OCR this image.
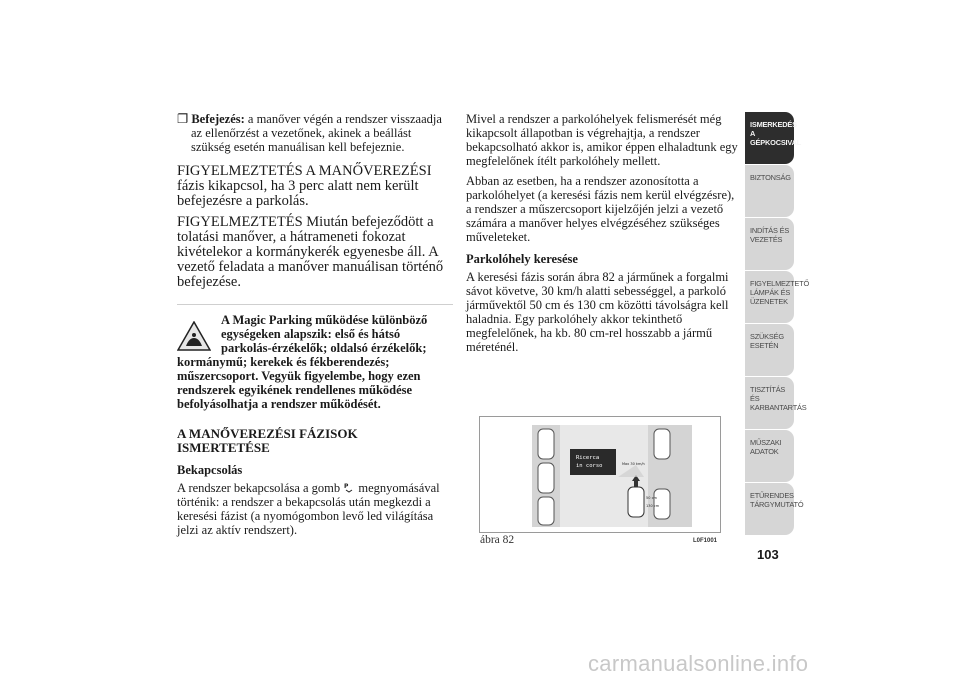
❐ Befejezés: a manőver végén a rendszer visszaadja az ellenőrzést a vezetőnek, akinek a beállást szükség esetén manuálisan kell befejeznie.

FIGYELMEZTETÉS A MANŐVEREZÉSI fázis kikapcsol, ha 3 perc alatt nem került befejezésre a parkolás.

FIGYELMEZTETÉS Miután befejeződött a tolatási manőver, a hátrameneti fokozat kivételekor a kormánykerék egyenesbe áll. A vezető feladata a manőver manuálisan történő befejezése.

A Magic Parking működése különböző egységeken alapszik: első és hátsó parkolás-érzékelők; oldalsó érzékelők;
kormánymű; kerekek és fékberendezés; műszercsoport. Vegyük figyelembe, hogy ezen rendszerek egyikének rendellenes működése befolyásolhatja a rendszer működését.
A MANŐVEREZÉSI FÁZISOK ISMERTETÉSE
Bekapcsolás

A rendszer bekapcsolása a gomb P megnyomásával történik: a rendszer a bekapcsolás után megkezdi a keresési fázist (a nyomógombon levő led világítása jelzi az aktív rendszert).

Mivel a rendszer a parkolóhelyek felismerését még kikapcsolt állapotban is végrehajtja, a rendszer bekapcsolható akkor is, amikor éppen elhaladtunk egy megfelelőnek ítélt parkolóhely mellett.

Abban az esetben, ha a rendszer azonosította a parkolóhelyet (a keresési fázis nem kerül elvégzésre), a rendszer a műszercsoport kijelzőjén jelzi a vezető számára a manőver helyes elvégzéséhez szükséges műveleteket.

Parkolóhely keresése

A keresési fázis során ábra 82 a járműnek a forgalmi sávot követve, 30 km/h alatti sebességgel, a parkoló járművektől 50 cm és 130 cm közötti távolságra kell haladnia. Egy parkolóhely akkor tekinthető megfelelőnek, ha kb. 80 cm-rel hosszabb a jármű méreténél.

Ricerca
in corso	Max 30 km/h
50 cm
130 cm
ábra 82	L0F1001
ISMERKEDÉS A GÉPKOCSIVAL
BIZTONSÁG
INDÍTÁS ÉS VEZETÉS
FIGYELMEZTETŐ LÁMPÁK ÉS ÜZENETEK
SZÜKSÉG ESETÉN
TISZTÍTÁS ÉS KARBANTARTÁS
MŰSZAKI ADATOK
ETŰRENDES TÁRGYMUTATÓ
103
carmanualsonline.info
